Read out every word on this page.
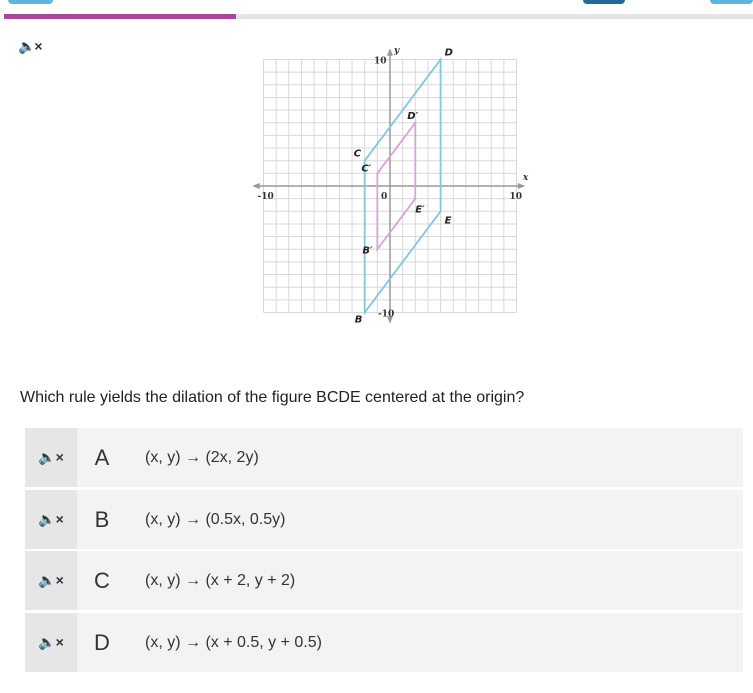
🔈×
-10	10
10
-10
0
x
y
B
C
D
E
B′
C′
D′
E′
Which rule yields the dilation of the figure BCDE centered at the origin?
🔈×	A	(x, y) → (2x, 2y)
🔈×	B	(x, y) → (0.5x, 0.5y)
🔈×	C	(x, y) → (x + 2, y + 2)
🔈×	D	(x, y) → (x + 0.5, y + 0.5)
